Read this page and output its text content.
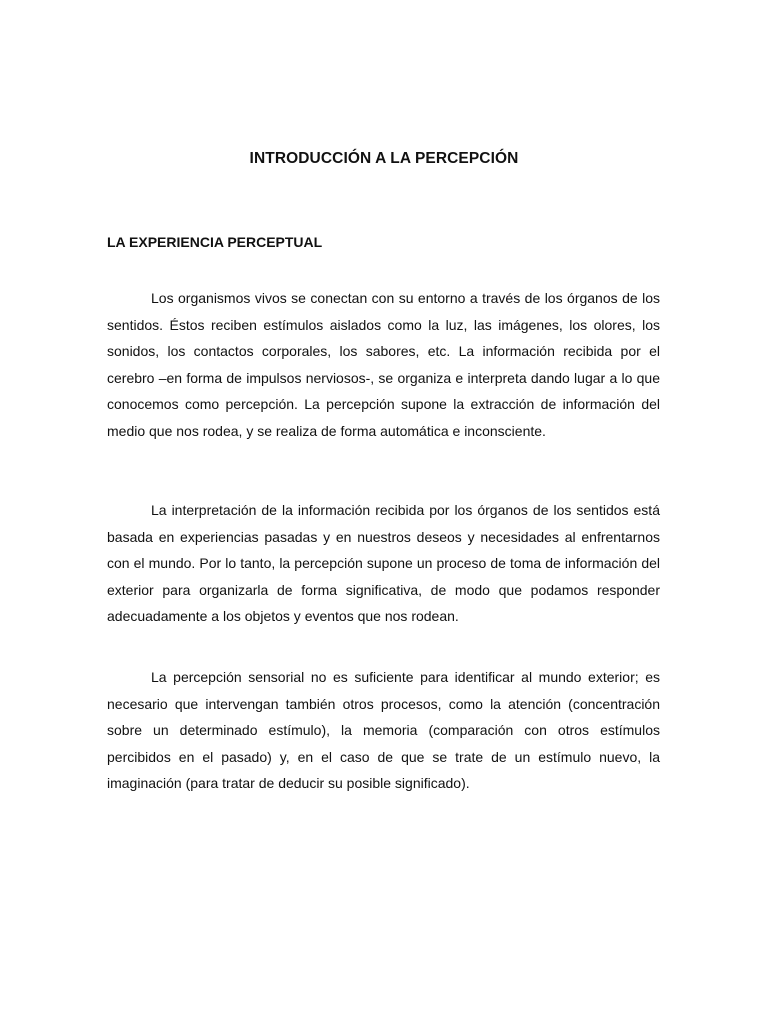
INTRODUCCIÓN A LA PERCEPCIÓN
LA EXPERIENCIA PERCEPTUAL

Los organismos vivos se conectan con su entorno a través de los órganos de los sentidos. Éstos reciben estímulos aislados como la luz, las imágenes, los olores, los sonidos, los contactos corporales, los sabores, etc. La información recibida por el cerebro –en forma de impulsos nerviosos-, se organiza e interpreta dando lugar a lo que conocemos como percepción. La percepción supone la extracción de información del medio que nos rodea, y se realiza de forma automática e inconsciente.

La interpretación de la información recibida por los órganos de los sentidos está basada en experiencias pasadas y en nuestros deseos y necesidades al enfrentarnos con el mundo. Por lo tanto, la percepción supone un proceso de toma de información del exterior para organizarla de forma significativa, de modo que podamos responder adecuadamente a los objetos y eventos que nos rodean.

La percepción sensorial no es suficiente para identificar al mundo exterior; es necesario que intervengan también otros procesos, como la atención (concentración sobre un determinado estímulo), la memoria (comparación con otros estímulos percibidos en el pasado) y, en el caso de que se trate de un estímulo nuevo, la imaginación (para tratar de deducir su posible significado).
